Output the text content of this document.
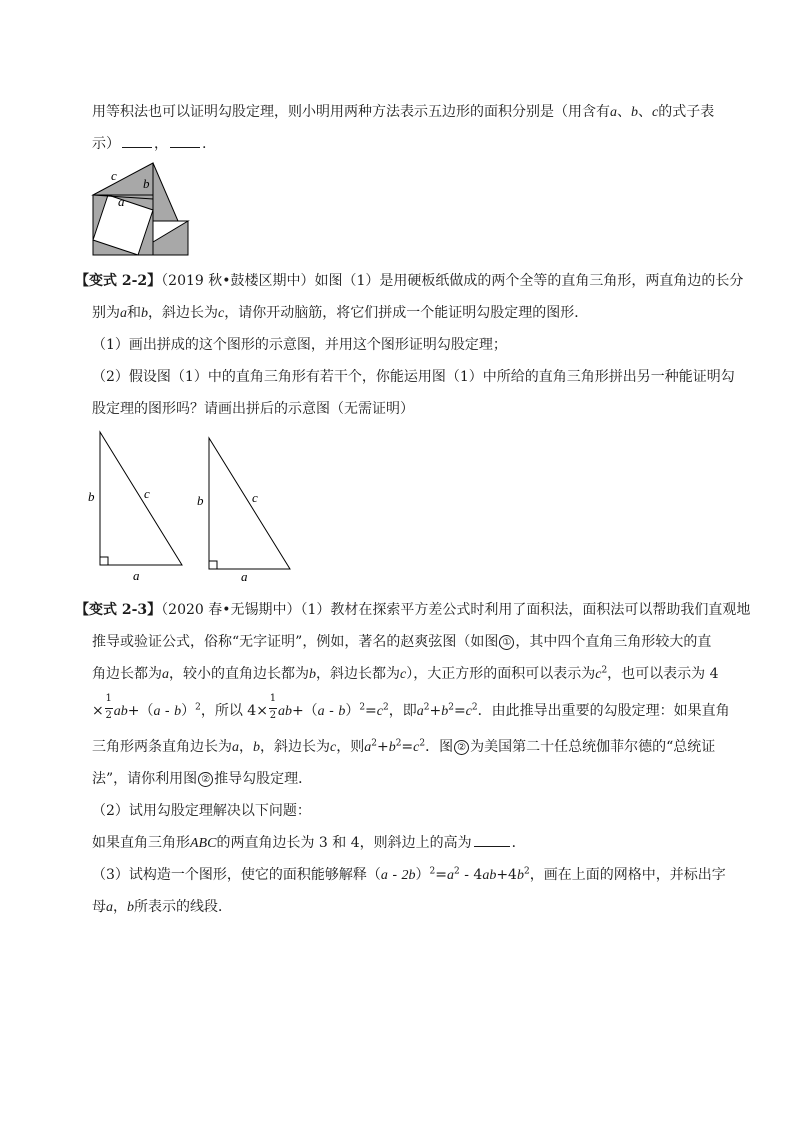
用等积法也可以证明勾股定理，则小明用两种方法表示五边形的面积分别是（用含有a、b、c的式子表
示） ， .
c
b
a
【变式 2-2】（2019 秋•鼓楼区期中）如图（1）是用硬板纸做成的两个全等的直角三角形，两直角边的长分
别为a和b，斜边长为c，请你开动脑筋，将它们拼成一个能证明勾股定理的图形．
（1）画出拼成的这个图形的示意图，并用这个图形证明勾股定理；
（2）假设图（1）中的直角三角形有若干个，你能运用图（1）中所给的直角三角形拼出另一种能证明勾
股定理的图形吗？请画出拼后的示意图（无需证明）
b	c
a
b	c
a
【变式 2-3】（2020 春•无锡期中）（1）教材在探索平方差公式时利用了面积法，面积法可以帮助我们直观地
推导或验证公式，俗称“无字证明”，例如，著名的赵爽弦图（如图 ① ，其中四个直角三角形较大的直
角边长都为a，较小的直角边长都为b，斜边长都为c），大正方形的面积可以表示为$c^2$，也可以表示为 4
× $\frac{1}{2} ab+(a - b)^2$，所以 $4\times \frac{1}{2} ab+(a - b)^2=c^2$，即$a^2+b^2=c^2$．由此推导出重要的勾股定理：如果直角
三角形两条直角边长为a，b，斜边长为c，则$a^2+b^2=c^2$．图 ② 为美国第二十任总统伽菲尔德的“总统证
法”，请你利用图 ② 推导勾股定理．
（2）试用勾股定理解决以下问题：
如果直角三角形ABC的两直角边长为 3 和 4，则斜边上的高为	．
（3）试构造一个图形，使它的面积能够解释$(a - 2b)^2=a^2 - 4ab+4b^2$，画在上面的网格中，并标出字
母a，b所表示的线段．
